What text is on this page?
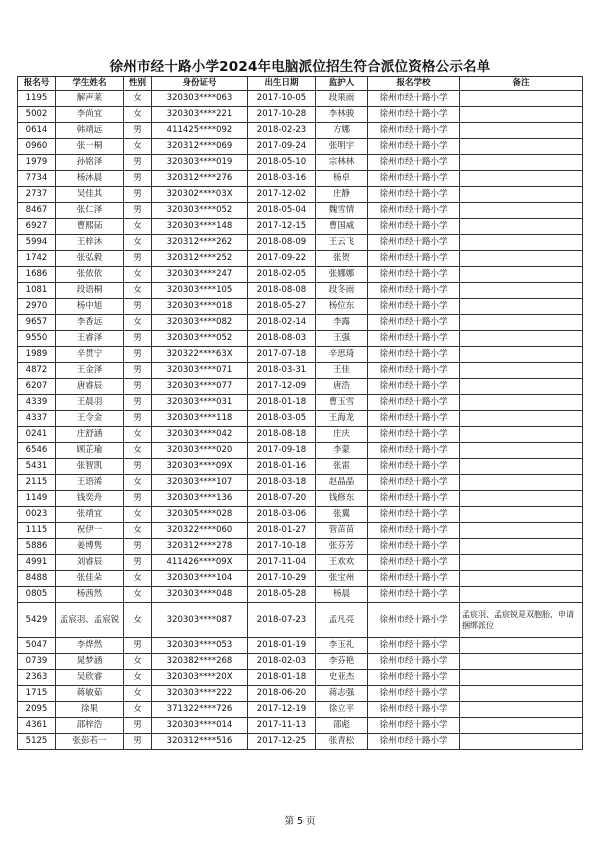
徐州市经十路小学2024年电脑派位招生符合派位资格公示名单
报名号	学生姓名	性别	身份证号	出生日期	监护人	报名学校	备注
1195	解声莱	女	320303****063	2017-10-05	段果雨	徐州市经十路小学	
5002	李尚宜	女	320303****221	2017-10-28	李林骏	徐州市经十路小学	
0614	韩靖远	男	411425****092	2018-02-23	方娜	徐州市经十路小学	
0960	张一桐	女	320312****069	2017-09-24	张明宇	徐州市经十路小学	
1979	孙铭泽	男	320303****019	2018-05-10	宗林林	徐州市经十路小学	
7734	杨沐晨	男	320312****276	2018-03-16	杨卓	徐州市经十路小学	
2737	吴佳其	男	320302****03X	2017-12-02	庄静	徐州市经十路小学	
8467	张仁泽	男	320303****052	2018-05-04	魏雪情	徐州市经十路小学	
6927	曹熙砳	女	320303****148	2017-12-15	曹国威	徐州市经十路小学	
5994	王梓沐	女	320312****262	2018-08-09	王云飞	徐州市经十路小学	
1742	张弘毅	男	320312****252	2017-09-22	张贺	徐州市经十路小学	
1686	张依依	女	320303****247	2018-02-05	张娜娜	徐州市经十路小学	
1081	段语桐	女	320303****105	2018-08-08	段冬雨	徐州市经十路小学	
2970	杨中旭	男	320303****018	2018-05-27	杨位东	徐州市经十路小学	
9657	李香远	女	320303****082	2018-02-14	李露	徐州市经十路小学	
9550	王睿泽	男	320303****052	2018-08-03	王强	徐州市经十路小学	
1989	辛贯宁	男	320322****63X	2017-07-18	辛思琦	徐州市经十路小学	
4872	王金泽	男	320303****071	2018-03-31	王佳	徐州市经十路小学	
6207	唐睿辰	男	320303****077	2017-12-09	唐浩	徐州市经十路小学	
4339	王晨羽	男	320303****031	2018-01-18	曹玉雪	徐州市经十路小学	
4337	王令金	男	320303****118	2018-03-05	王海龙	徐州市经十路小学	
0241	庄舒涵	女	320303****042	2018-08-18	庄庆	徐州市经十路小学	
6546	顾芷瑜	女	320303****020	2017-09-18	李蒙	徐州市经十路小学	
5431	张智凯	男	320303****09X	2018-01-16	张雷	徐州市经十路小学	
2115	王语浠	女	320303****107	2018-03-18	赵晶晶	徐州市经十路小学	
1149	钱奕舟	男	320303****136	2018-07-20	钱修东	徐州市经十路小学	
0023	张靖宜	女	320305****028	2018-03-06	张翼	徐州市经十路小学	
1115	祝伊一	女	320322****060	2018-01-27	管苗苗	徐州市经十路小学	
5886	姜博隽	男	320312****278	2017-10-18	张芬芳	徐州市经十路小学	
4991	刘睿辰	男	411426****09X	2017-11-04	王欢欢	徐州市经十路小学	
8488	张佳朵	女	320303****104	2017-10-29	张宝州	徐州市经十路小学	
0805	杨茜然	女	320303****048	2018-05-28	杨晨	徐州市经十路小学	
5429	孟宸羽、孟宸锐	女	320303****087	2018-07-23	孟凡亮	徐州市经十路小学	孟宸羽、孟宸锐是双胞胎，申请捆绑派位
5047	李烨然	男	320303****053	2018-01-19	李玉礼	徐州市经十路小学	
0739	晁梦涵	女	320382****268	2018-02-03	李芬艳	徐州市经十路小学	
2363	吴欣睿	女	320303****20X	2018-01-18	史亚杰	徐州市经十路小学	
1715	蒋敏茹	女	320303****222	2018-06-20	蒋志强	徐州市经十路小学	
2095	徐果	女	371322****726	2017-12-19	徐立平	徐州市经十路小学	
4361	邵梓浩	男	320303****014	2017-11-13	邵彪	徐州市经十路小学	
5125	张彭若一	男	320312****516	2017-12-25	张青松	徐州市经十路小学	
第 5 页
